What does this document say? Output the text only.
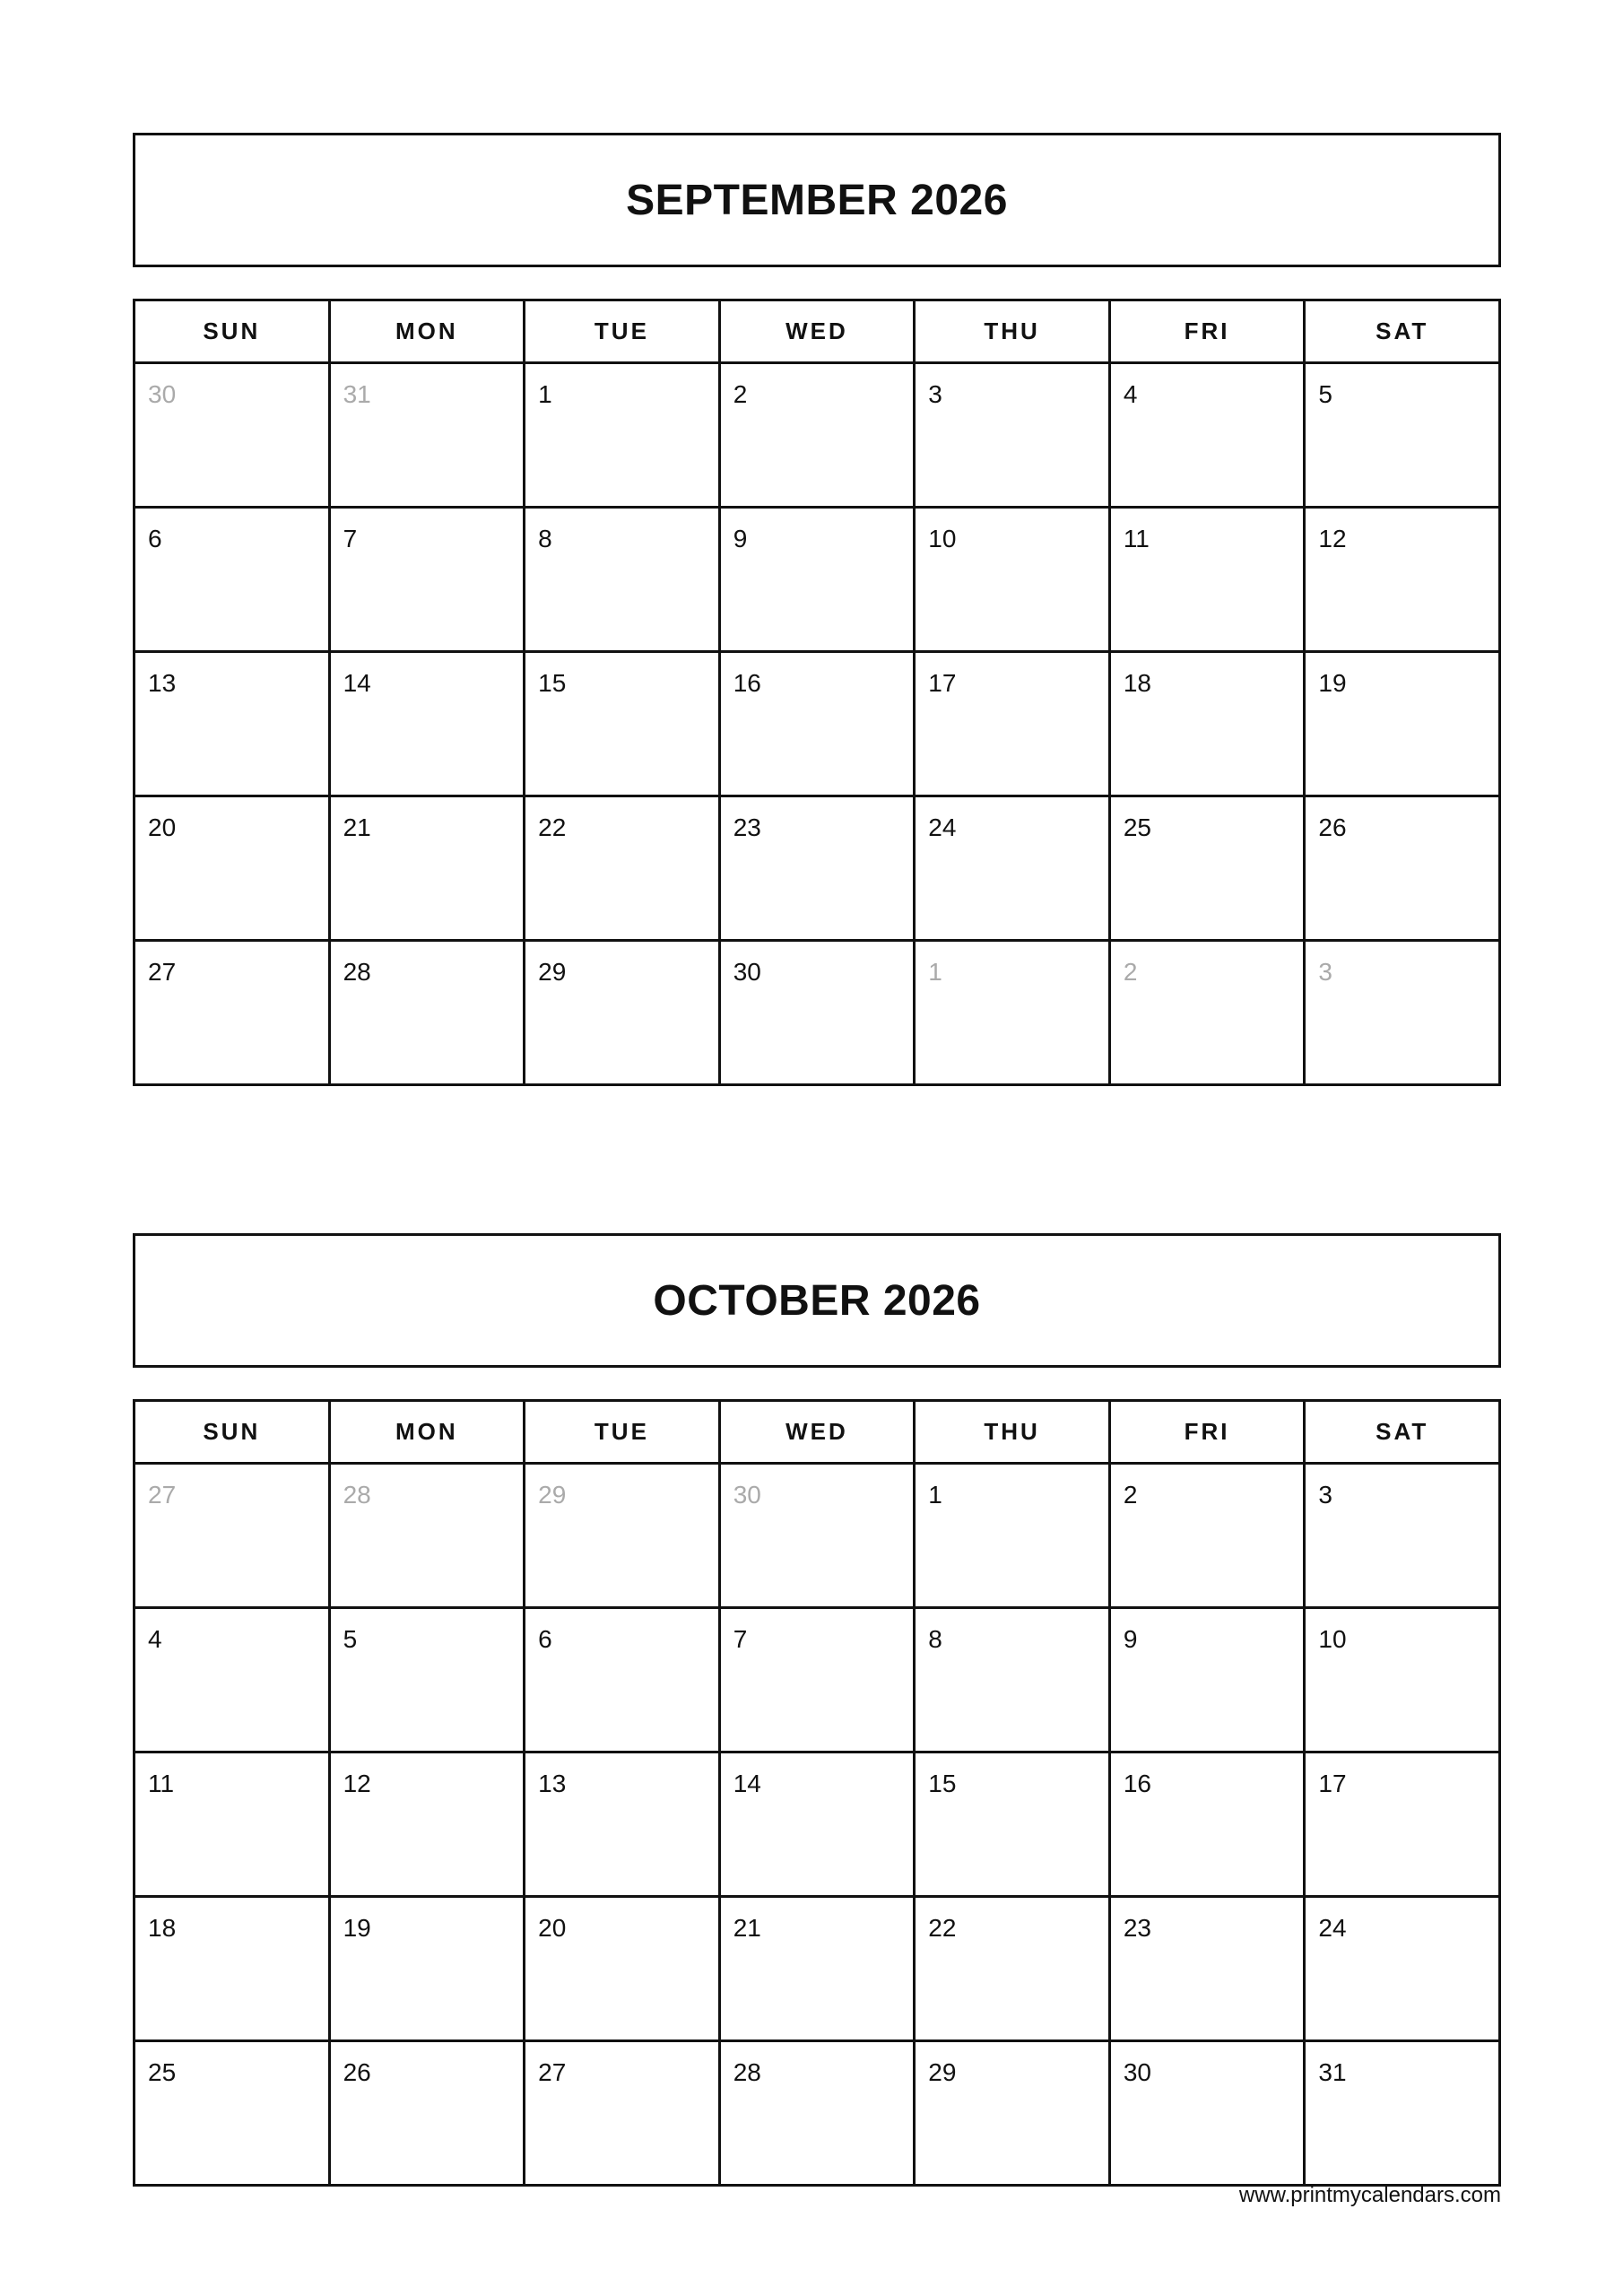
SEPTEMBER 2026
SUN	MON	TUE	WED	THU	FRI	SAT
30	31	1	2	3	4	5
6	7	8	9	10	11	12
13	14	15	16	17	18	19
20	21	22	23	24	25	26
27	28	29	30	1	2	3
OCTOBER 2026
SUN	MON	TUE	WED	THU	FRI	SAT
27	28	29	30	1	2	3
4	5	6	7	8	9	10
11	12	13	14	15	16	17
18	19	20	21	22	23	24
25	26	27	28	29	30	31
www.printmycalendars.com
